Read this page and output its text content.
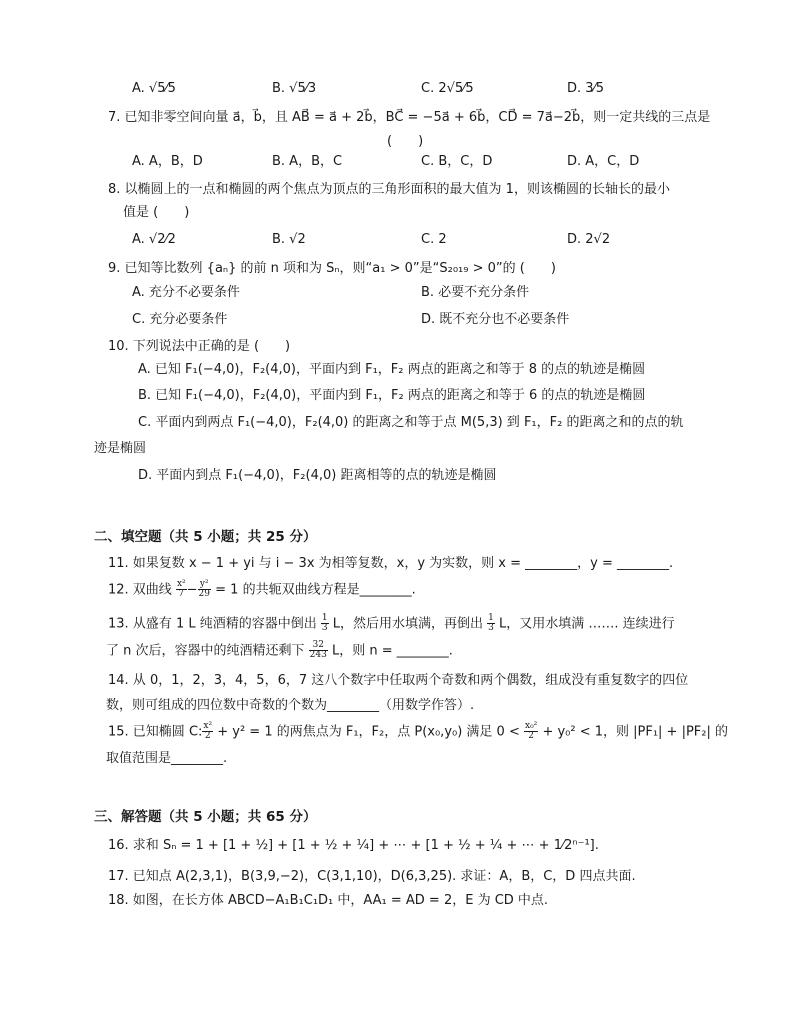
A. √5⁄5	B. √5⁄3	C. 2√5⁄5	D. 3⁄5
7. 已知非零空间向量 a⃗，b⃗，且 AB⃗ = a⃗ + 2b⃗，BC⃗ = −5a⃗ + 6b⃗，CD⃗ = 7a⃗−2b⃗，则一定共线的三点是
(　　)
A. A，B，D	B. A，B，C	C. B，C，D	D. A，C，D
8. 以椭圆上的一点和椭圆的两个焦点为顶点的三角形面积的最大值为 1，则该椭圆的长轴长的最小
值是 (　　)
A. √2⁄2	B. √2	C. 2	D. 2√2
9. 已知等比数列 {aₙ} 的前 n 项和为 Sₙ，则“a₁ > 0”是“S₂₀₁₉ > 0”的 (　　)
A. 充分不必要条件	B. 必要不充分条件
C. 充分必要条件	D. 既不充分也不必要条件
10. 下列说法中正确的是 (　　)
A. 已知 F₁(−4,0)，F₂(4,0)，平面内到 F₁，F₂ 两点的距离之和等于 8 的点的轨迹是椭圆
B. 已知 F₁(−4,0)，F₂(4,0)，平面内到 F₁，F₂ 两点的距离之和等于 6 的点的轨迹是椭圆
C. 平面内到两点 F₁(−4,0)，F₂(4,0) 的距离之和等于点 M(5,3) 到 F₁，F₂ 的距离之和的点的轨
迹是椭圆
D. 平面内到点 F₁(−4,0)，F₂(4,0) 距离相等的点的轨迹是椭圆
二、填空题（共 5 小题；共 25 分）
11. 如果复数 x − 1 + yi 与 i − 3x 为相等复数，x，y 为实数，则 x = ________，y = ________.
12. 双曲线 $\frac{\text{x²}}{7} - \frac{\text{y²}}{29} = 1$ 的共轭双曲线方程是________.
13. 从盛有 1 L 纯酒精的容器中倒出 $\frac{1}{3}$ L，然后用水填满，再倒出 $\frac{1}{3}$ L，又用水填满 ……. 连续进行
了 n 次后，容器中的纯酒精还剩下 $\frac{32}{243}$ L，则 n = ________.
14. 从 0，1，2，3，4，5，6，7 这八个数字中任取两个奇数和两个偶数，组成没有重复数字的四位
数，则可组成的四位数中奇数的个数为________（用数学作答）.
15. 已知椭圆 C: $\frac{\text{x²}}{2} + y^2 = 1$ 的两焦点为 F₁，F₂，点 P(x₀,y₀) 满足 $0 < \frac{\text{x₀²}}{2} + y_0^2 < 1$，则 |PF₁| + |PF₂| 的
取值范围是________.
三、解答题（共 5 小题；共 65 分）
16. 求和 Sₙ = 1 + [1 + ½] + [1 + ½ + ¼] + ⋯ + [1 + ½ + ¼ + ⋯ + 1⁄2ⁿ⁻¹].
17. 已知点 A(2,3,1)，B(3,9,−2)，C(3,1,10)，D(6,3,25). 求证：A，B，C，D 四点共面.
18. 如图，在长方体 ABCD−A₁B₁C₁D₁ 中，AA₁ = AD = 2，E 为 CD 中点.
